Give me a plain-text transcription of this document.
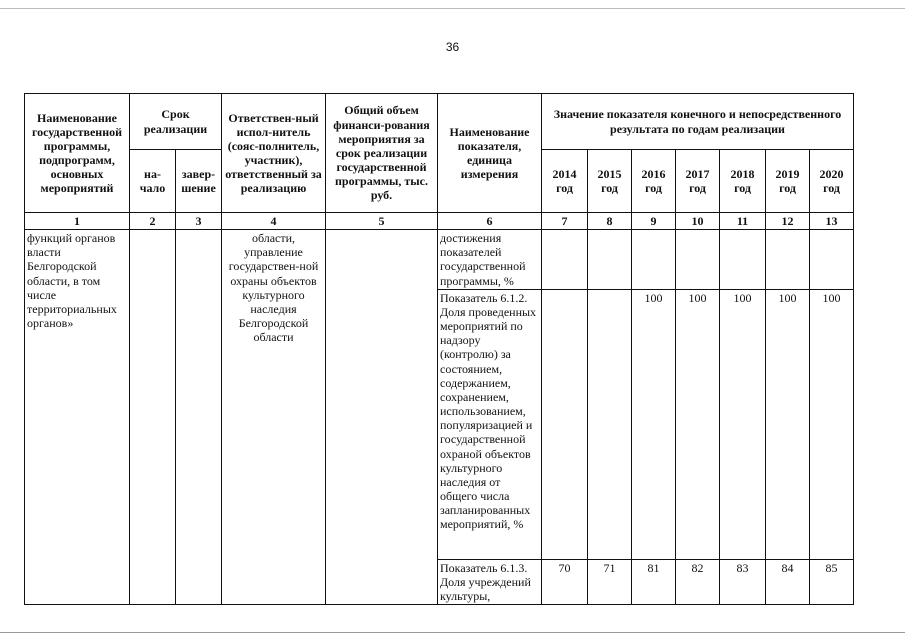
36
Наименование государственной программы, подпрограмм, основных мероприятий	Срок реализации		Ответствен-ный испол-нитель (сояс-полнитель, участник), ответственный за реализацию	Общий объем финанси-рования мероприятия за срок реализации государственной программы, тыс. руб.	Наименование показателя, единица измерения	Значение показателя конечного и непосредственного результата по годам реализации						
	на-чало	завер-шение				2014 год	2015 год	2016 год	2017 год	2018 год	2019 год	2020 год
1	2	3	4	5	6	7	8	9	10	11	12	13
функций органов власти Белгородской области, в том числе территориальных органов»			области, управление государствен-ной охраны объектов культурного наследия Белгородской области		достижения показателей государственной программы, %							
					Показатель 6.1.2. Доля проведенных мероприятий по надзору (контролю) за состоянием, содержанием, сохранением, использованием, популяризацией и государственной охраной объектов культурного наследия от общего числа запланированных мероприятий, %			100	100	100	100	100
					Показатель 6.1.3. Доля учреждений культуры,	70	71	81	82	83	84	85
